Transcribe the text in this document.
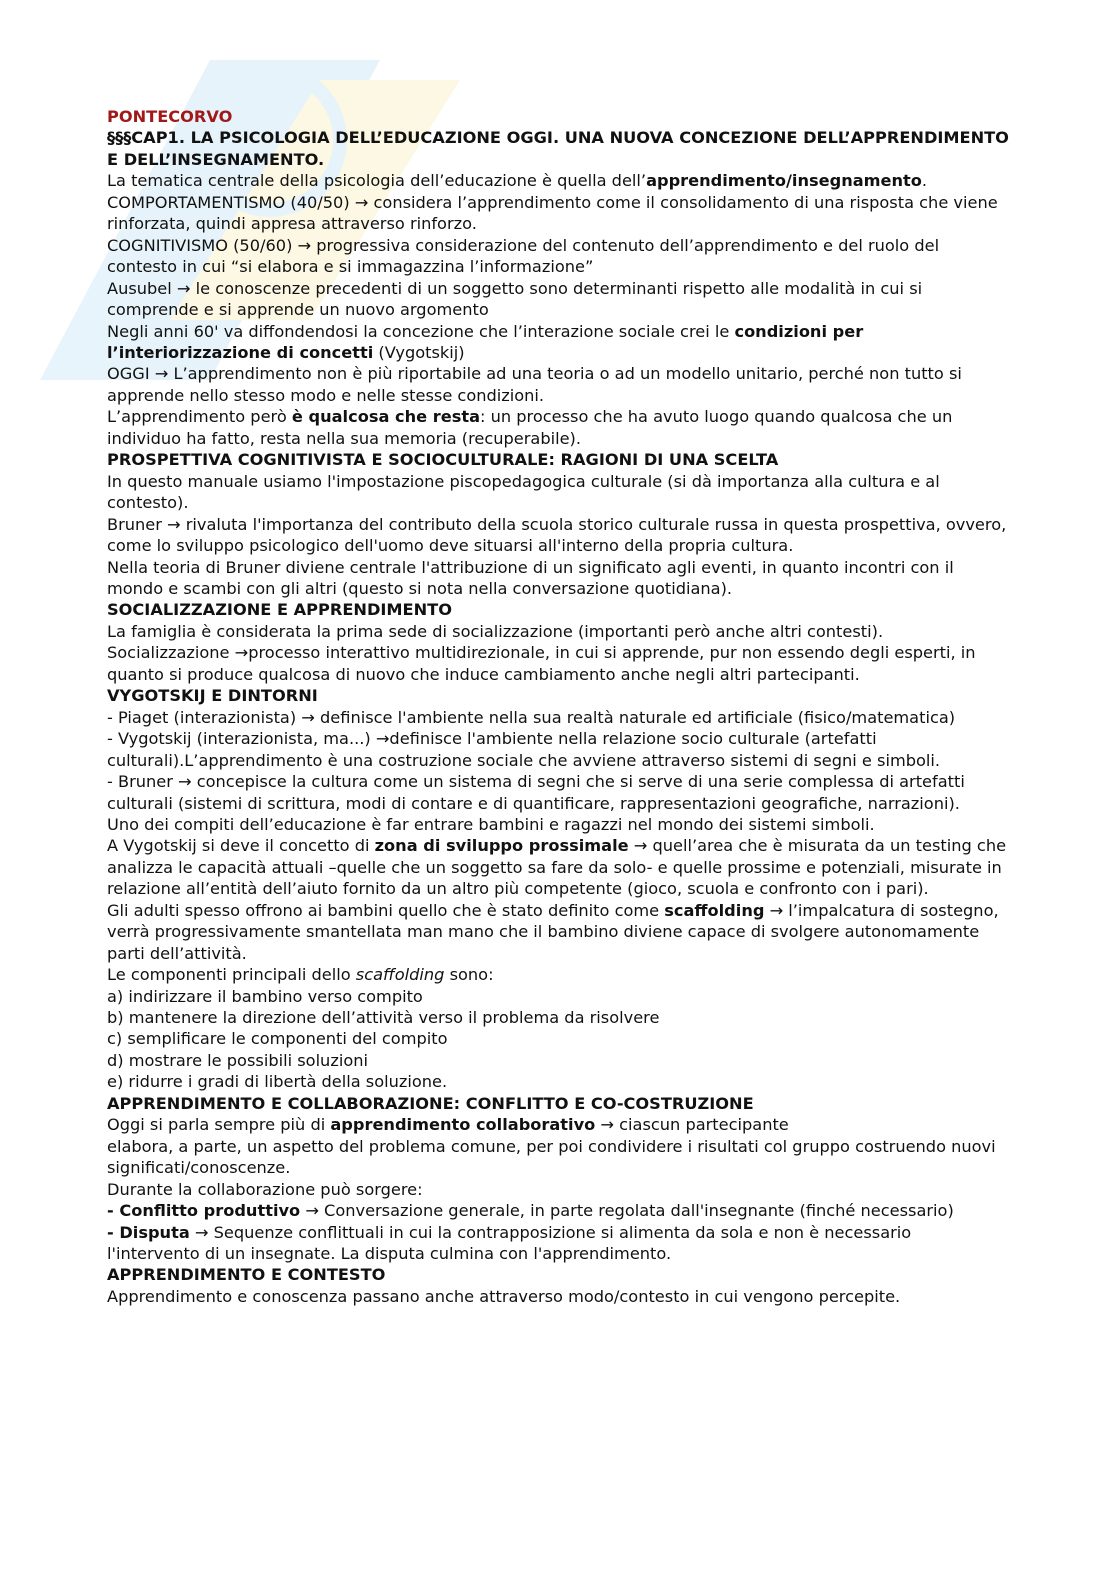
PONTECORVO

§§§CAP1. LA PSICOLOGIA DELL’EDUCAZIONE OGGI. UNA NUOVA CONCEZIONE DELL’APPRENDIMENTO E DELL’INSEGNAMENTO.

La tematica centrale della psicologia dell’educazione è quella dell’apprendimento/insegnamento.

COMPORTAMENTISMO (40/50) → considera l’apprendimento come il consolidamento di una risposta che viene rinforzata, quindi appresa attraverso rinforzo.

COGNITIVISMO (50/60) → progressiva considerazione del contenuto dell’apprendimento e del ruolo del contesto in cui “si elabora e si immagazzina l’informazione”

Ausubel → le conoscenze precedenti di un soggetto sono determinanti rispetto alle modalità in cui si comprende e si apprende un nuovo argomento

Negli anni 60' va diffondendosi la concezione che l’interazione sociale crei le condizioni per l’interiorizzazione di concetti (Vygotskij)

OGGI → L’apprendimento non è più riportabile ad una teoria o ad un modello unitario, perché non tutto si apprende nello stesso modo e nelle stesse condizioni.

L’apprendimento però è qualcosa che resta: un processo che ha avuto luogo quando qualcosa che un individuo ha fatto, resta nella sua memoria (recuperabile).

PROSPETTIVA COGNITIVISTA E SOCIOCULTURALE: RAGIONI DI UNA SCELTA

In questo manuale usiamo l'impostazione piscopedagogica culturale (si dà importanza alla cultura e al contesto).

Bruner → rivaluta l'importanza del contributo della scuola storico culturale russa in questa prospettiva, ovvero, come lo sviluppo psicologico dell'uomo deve situarsi all'interno della propria cultura.

Nella teoria di Bruner diviene centrale l'attribuzione di un significato agli eventi, in quanto incontri con il mondo e scambi con gli altri (questo si nota nella conversazione quotidiana).

SOCIALIZZAZIONE E APPRENDIMENTO

La famiglia è considerata la prima sede di socializzazione (importanti però anche altri contesti).

Socializzazione →processo interattivo multidirezionale, in cui si apprende, pur non essendo degli esperti, in quanto si produce qualcosa di nuovo che induce cambiamento anche negli altri partecipanti.

VYGOTSKIJ E DINTORNI

- Piaget (interazionista) → definisce l'ambiente nella sua realtà naturale ed artificiale (fisico/matematica)

- Vygotskij (interazionista, ma...) →definisce l'ambiente nella relazione socio culturale (artefatti culturali).L’apprendimento è una costruzione sociale che avviene attraverso sistemi di segni e simboli.

- Bruner → concepisce la cultura come un sistema di segni che si serve di una serie complessa di artefatti culturali (sistemi di scrittura, modi di contare e di quantificare, rappresentazioni geografiche, narrazioni).

Uno dei compiti dell’educazione è far entrare bambini e ragazzi nel mondo dei sistemi simboli.

A Vygotskij si deve il concetto di zona di sviluppo prossimale → quell’area che è misurata da un testing che analizza le capacità attuali –quelle che un soggetto sa fare da solo- e quelle prossime e potenziali, misurate in relazione all’entità dell’aiuto fornito da un altro più competente (gioco, scuola e confronto con i pari).

Gli adulti spesso offrono ai bambini quello che è stato definito come scaffolding → l’impalcatura di sostegno, verrà progressivamente smantellata man mano che il bambino diviene capace di svolgere autonomamente parti dell’attività.

Le componenti principali dello scaffolding sono:

a) indirizzare il bambino verso compito

b) mantenere la direzione dell’attività verso il problema da risolvere

c) semplificare le componenti del compito

d) mostrare le possibili soluzioni

e) ridurre i gradi di libertà della soluzione.

APPRENDIMENTO E COLLABORAZIONE: CONFLITTO E CO-COSTRUZIONE

Oggi si parla sempre più di apprendimento collaborativo → ciascun partecipante

elabora, a parte, un aspetto del problema comune, per poi condividere i risultati col gruppo costruendo nuovi significati/conoscenze.

Durante la collaborazione può sorgere:

- Conflitto produttivo → Conversazione generale, in parte regolata dall'insegnante (finché necessario)

- Disputa → Sequenze conflittuali in cui la contrapposizione si alimenta da sola e non è necessario l'intervento di un insegnate. La disputa culmina con l'apprendimento.

APPRENDIMENTO E CONTESTO

Apprendimento e conoscenza passano anche attraverso modo/contesto in cui vengono percepite.
